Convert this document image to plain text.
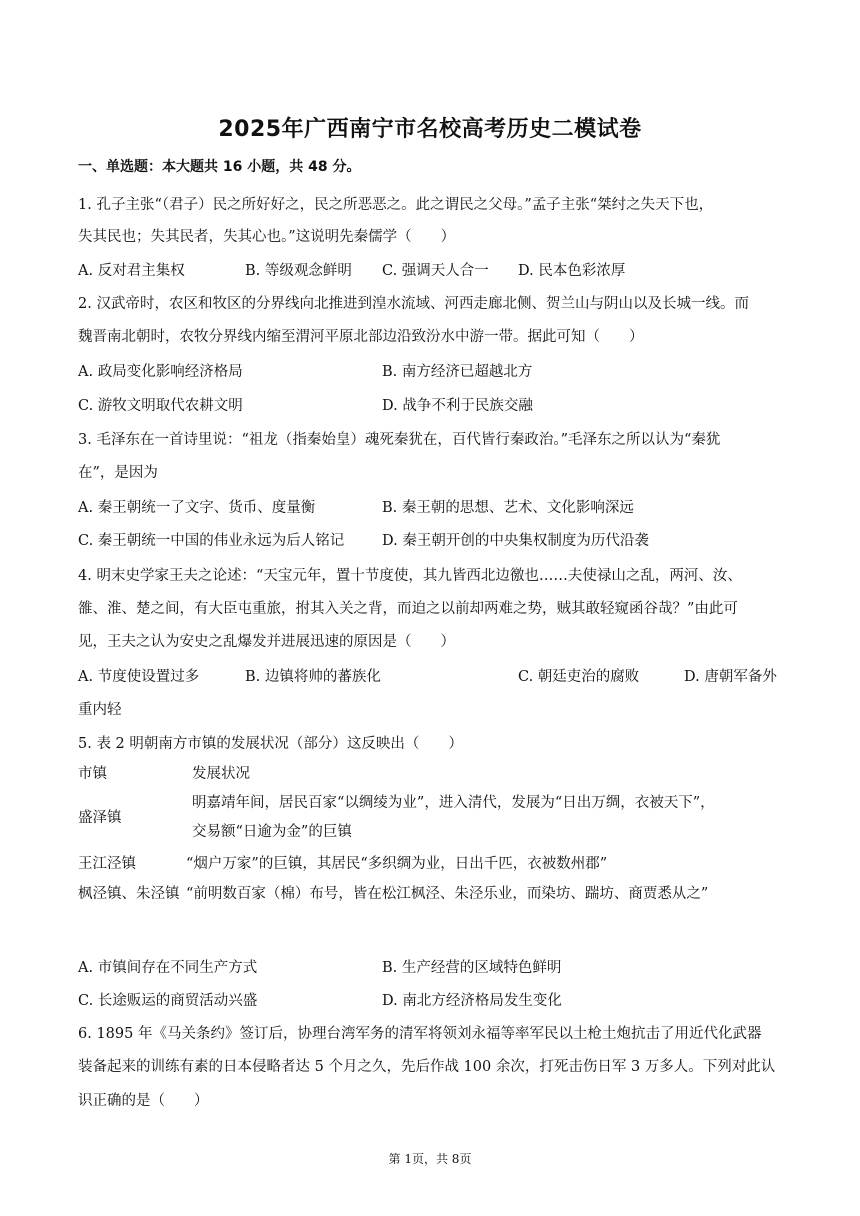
2025年广西南宁市名校高考历史二模试卷
一、单选题：本大题共 16 小题，共 48 分。
1. 孔子主张“（君子）民之所好好之，民之所恶恶之。此之谓民之父母。”孟子主张“桀纣之失天下也，
失其民也；失其民者，失其心也。”这说明先秦儒学（　　）
A. 反对君主集权	B. 等级观念鲜明 C. 强调天人合一 D. 民本色彩浓厚
2. 汉武帝时，农区和牧区的分界线向北推进到湟水流域、河西走廊北侧、贺兰山与阴山以及长城一线。而
魏晋南北朝时，农牧分界线内缩至渭河平原北部边沿致汾水中游一带。据此可知（　　）
A. 政局变化影响经济格局	B. 南方经济已超越北方
C. 游牧文明取代农耕文明	D. 战争不利于民族交融
3. 毛泽东在一首诗里说：“祖龙（指秦始皇）魂死秦犹在，百代皆行秦政治。”毛泽东之所以认为“秦犹
在”，是因为
A. 秦王朝统一了文字、货币、度量衡	B. 秦王朝的思想、艺术、文化影响深远
C. 秦王朝统一中国的伟业永远为后人铭记	D. 秦王朝开创的中央集权制度为历代沿袭
4. 明末史学家王夫之论述：“天宝元年，置十节度使，其九皆西北边徼也……夫使禄山之乱，两河、汝、
雒、淮、楚之间，有大臣屯重旅，拊其入关之背，而迫之以前却两难之势，贼其敢轻窥函谷哉？”由此可
见，王夫之认为安史之乱爆发并进展迅速的原因是（　　）
A. 节度使设置过多	B. 边镇将帅的蕃族化	C. 朝廷吏治的腐败	D. 唐朝军备外
重内轻
5. 表 2 明朝南方市镇的发展状况（部分）这反映出（　　）
市镇	发展状况
盛泽镇
明嘉靖年间，居民百家“以绸绫为业”，进入清代，发展为“日出万绸，衣被天下”，
交易额“日逾为金”的巨镇
王江泾镇	“烟户万家”的巨镇，其居民“多织绸为业，日出千匹，衣被数州郡”
枫泾镇、朱泾镇 “前明数百家（棉）布号，皆在松江枫泾、朱泾乐业，而染坊、踹坊、商贾悉从之”
A. 市镇间存在不同生产方式	B. 生产经营的区域特色鲜明
C. 长途贩运的商贸活动兴盛	D. 南北方经济格局发生变化
6. 1895 年《马关条约》签订后，协理台湾军务的清军将领刘永福等率军民以土枪土炮抗击了用近代化武器
装备起来的训练有素的日本侵略者达 5 个月之久，先后作战 100 余次，打死击伤日军 3 万多人。下列对此认
识正确的是（　　）
第 1页，共 8页
